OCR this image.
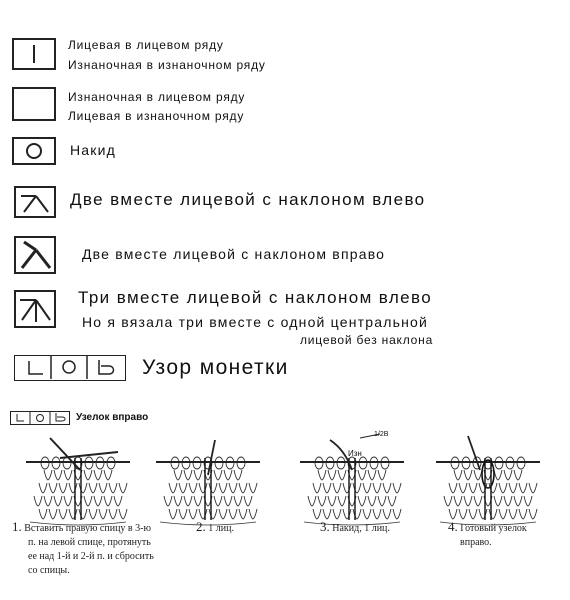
Лицевая в лицевом ряду
Изнаночная в изнаночном ряду
Изнаночная в лицевом ряду
Лицевая в изнаночном ряду
Накид
Две вместе лицевой с наклоном влево
Две вместе лицевой с наклоном вправо
Три вместе лицевой с наклоном влево
Но я вязала три вместе с одной центральной
лицевой без наклона
Узор монетки
Узелок вправо
1/2В
Изн
1. Вставить правую спицу в 3-ю
п. на левой спице, протянуть
ее над 1-й и 2-й п. и сбросить
со спицы.
2. 1 лиц.	3. Накид, 1 лиц.	4. Готовый узелок
вправо.
